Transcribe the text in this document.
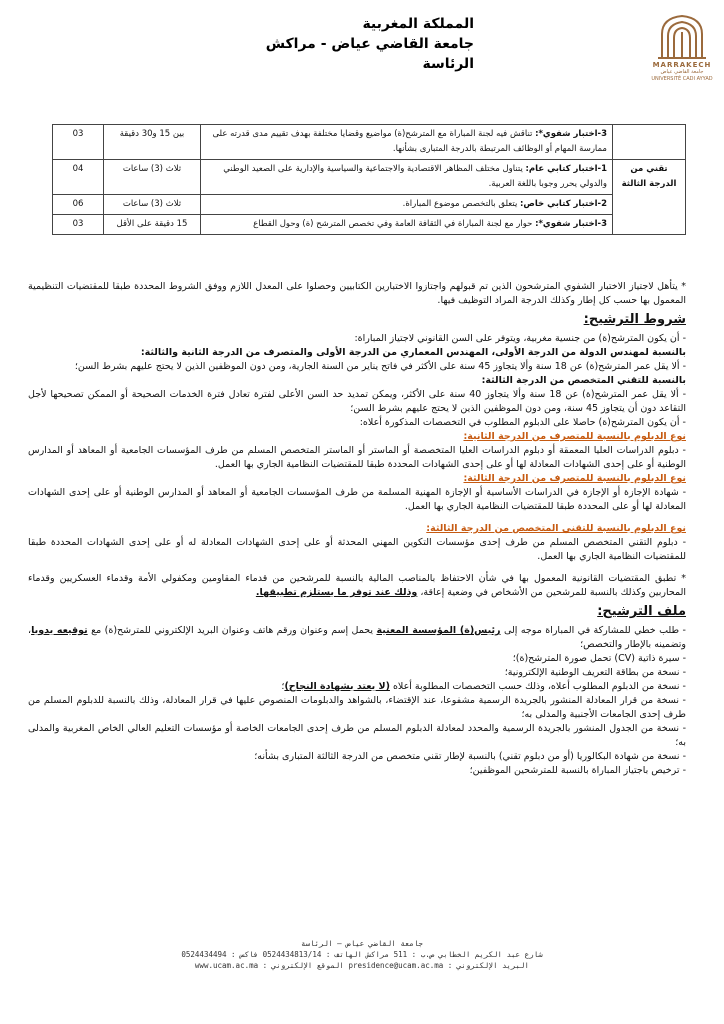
المملكة المغربية
جامعة القاضي عياض - مراكش
الرئاسة	MARRAKECH
جامعة القاضي عياض
UNIVERSITÉ CADI AYYAD
	3-اختبار شفوي*: تناقش فيه لجنة المباراة مع المترشح(ة) مواضيع وقضايا مختلفة بهدف تقييم مدى قدرته على ممارسة المهام أو الوظائف المرتبطة بالدرجة المتبارى بشأنها.	بين 15 و30 دقيقة	03
تقني من الدرجة الثالثة	1-اختبار كتابي عام: يتناول مختلف المظاهر الاقتصادية والاجتماعية والسياسية والإدارية على الصعيد الوطني والدولي يحرر وجوبا باللغة العربية.	ثلاث (3) ساعات	04
	2-اختبار كتابي خاص: يتعلق بالتخصص موضوع المباراة.	ثلاث (3) ساعات	06
	3-اختبار شفوي*: حوار مع لجنة المباراة في الثقافة العامة وفي تخصص المترشح (ة) وحول القطاع	15 دقيقة على الأقل	03

* يتأهل لاجتياز الاختبار الشفوي المترشحون الذين تم قبولهم واجتازوا الاختبارين الكتابيين وحصلوا على المعدل اللازم ووفق الشروط المحددة طبقا للمقتضيات التنظيمية المعمول بها حسب كل إطار وكذلك الدرجة المراد التوظيف فيها.

شروط الترشيح:

- أن يكون المترشح(ة) من جنسية مغربية، ويتوفر على السن القانوني لاجتياز المباراة:

بالنسبة لمهندس الدولة من الدرجة الأولى، المهندس المعماري من الدرجة الأولى والمتصرف من الدرجة الثانية والثالثة:

- ألا يقل عمر المترشح(ة) عن 18 سنة وألا يتجاوز 45 سنة على الأكثر في فاتح يناير من السنة الجارية، ومن دون الموظفين الذين لا يحتج عليهم بشرط السن؛

بالنسبة للتقني المتخصص من الدرجة الثالثة:

- ألا يقل عمر المترشح(ة) عن 18 سنة وألا يتجاوز 40 سنة على الأكثر، ويمكن تمديد حد السن الأعلى لفترة تعادل فترة الخدمات الصحيحة أو الممكن تصحيحها لأجل التقاعد دون أن يتجاوز 45 سنة، ومن دون الموظفين الذين لا يحتج عليهم بشرط السن؛

- أن يكون المترشح(ة) حاصلا على الدبلوم المطلوب في التخصصات المذكورة أعلاه:

نوع الدبلوم بالنسبة للمتصرف من الدرجة الثانية:

- دبلوم الدراسات العليا المعمقة أو دبلوم الدراسات العليا المتخصصة أو الماستر أو الماستر المتخصص المسلم من طرف المؤسسات الجامعية أو المعاهد أو المدارس الوطنية أو على إحدى الشهادات المعادلة لها أو على إحدى الشهادات المحددة طبقا للمقتضيات النظامية الجاري بها العمل.

نوع الدبلوم بالنسبة للمتصرف من الدرجة الثالثة:

- شهادة الإجازة أو الإجازة في الدراسات الأساسية أو الإجازة المهنية المسلمة من طرف المؤسسات الجامعية أو المعاهد أو المدارس الوطنية أو على إحدى الشهادات المعادلة لها أو على المحددة طبقا للمقتضيات النظامية الجاري بها العمل.

نوع الدبلوم بالنسبة للتقني المتخصص من الدرجة الثالثة:

- دبلوم التقني المتخصص المسلم من طرف إحدى مؤسسات التكوين المهني المحدثة أو على إحدى الشهادات المعادلة له أو على إحدى الشهادات المحددة طبقا للمقتضيات النظامية الجاري بها العمل.

* تطبق المقتضيات القانونية المعمول بها في شأن الاحتفاظ بالمناصب المالية بالنسبة للمرشحين من قدماء المقاومين ومكفولي الأمة وقدماء العسكريين وقدماء المحاربين وكذلك بالنسبة للمرشحين من الأشخاص في وضعية إعاقة، وذلك عند توفر ما يستلزم تطبيقها.

ملف الترشيح:

- طلب خطي للمشاركة في المباراة موجه إلى رئيس(ة) المؤسسة المعنية يحمل إسم وعنوان ورقم هاتف وعنوان البريد الإلكتروني للمترشح(ة) مع توقيعه يدويا، وتضمينه بالإطار والتخصص؛

- سيرة ذاتية (CV) تحمل صورة المترشح(ة)؛

- نسخة من بطاقة التعريف الوطنية الإلكترونية؛

- نسخة من الدبلوم المطلوب أعلاه، وذلك حسب التخصصات المطلوبة أعلاه (لا يعتد بشهادة النجاح)؛

- نسخة من قرار المعادلة المنشور بالجريدة الرسمية مشفوعا، عند الإقتضاء، بالشواهد والدبلومات المنصوص عليها في قرار المعادلة، وذلك بالنسبة للدبلوم المسلم من طرف إحدى الجامعات الأجنبية والمدلى به؛

- نسخة من الجدول المنشور بالجريدة الرسمية والمحدد لمعادلة الدبلوم المسلم من طرف إحدى الجامعات الخاصة أو مؤسسات التعليم العالي الخاص المغربية والمدلى به؛

- نسخة من شهادة البكالوريا (أو من دبلوم تقني) بالنسبة لإطار تقني متخصص من الدرجة الثالثة المتبارى بشأنه؛

- ترخيص باجتياز المباراة بالنسبة للمترشحين الموظفين؛

جامعة القاضي عياض – الرئاسة
شارع عبد الكريم الخطابي ص.ب : 511 مراكش الهاتف : 0524434813/14 فاكس : 0524434494
البريد الإلكتروني : presidence@ucam.ac.ma الموقع الإلكتروني : www.ucam.ac.ma
